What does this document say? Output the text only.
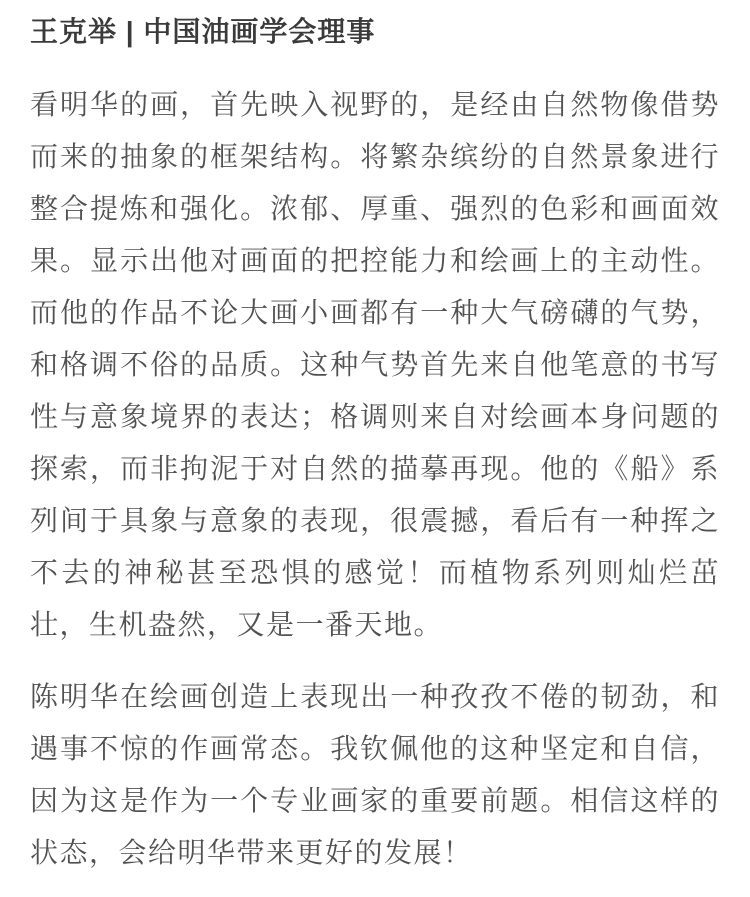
王克举 | 中国油画学会理事

看明华的画，首先映入视野的，是经由自然物像借势而来的抽象的框架结构。将繁杂缤纷的自然景象进行整合提炼和强化。浓郁、厚重、强烈的色彩和画面效果。显示出他对画面的把控能力和绘画上的主动性。而他的作品不论大画小画都有一种大气磅礴的气势，和格调不俗的品质。这种气势首先来自他笔意的书写性与意象境界的表达；格调则来自对绘画本身问题的探索，而非拘泥于对自然的描摹再现。他的《船》系列间于具象与意象的表现，很震撼，看后有一种挥之不去的神秘甚至恐惧的感觉！而植物系列则灿烂茁壮，生机盎然，又是一番天地。

陈明华在绘画创造上表现出一种孜孜不倦的韧劲，和遇事不惊的作画常态。我钦佩他的这种坚定和自信，因为这是作为一个专业画家的重要前题。相信这样的状态，会给明华带来更好的发展！
